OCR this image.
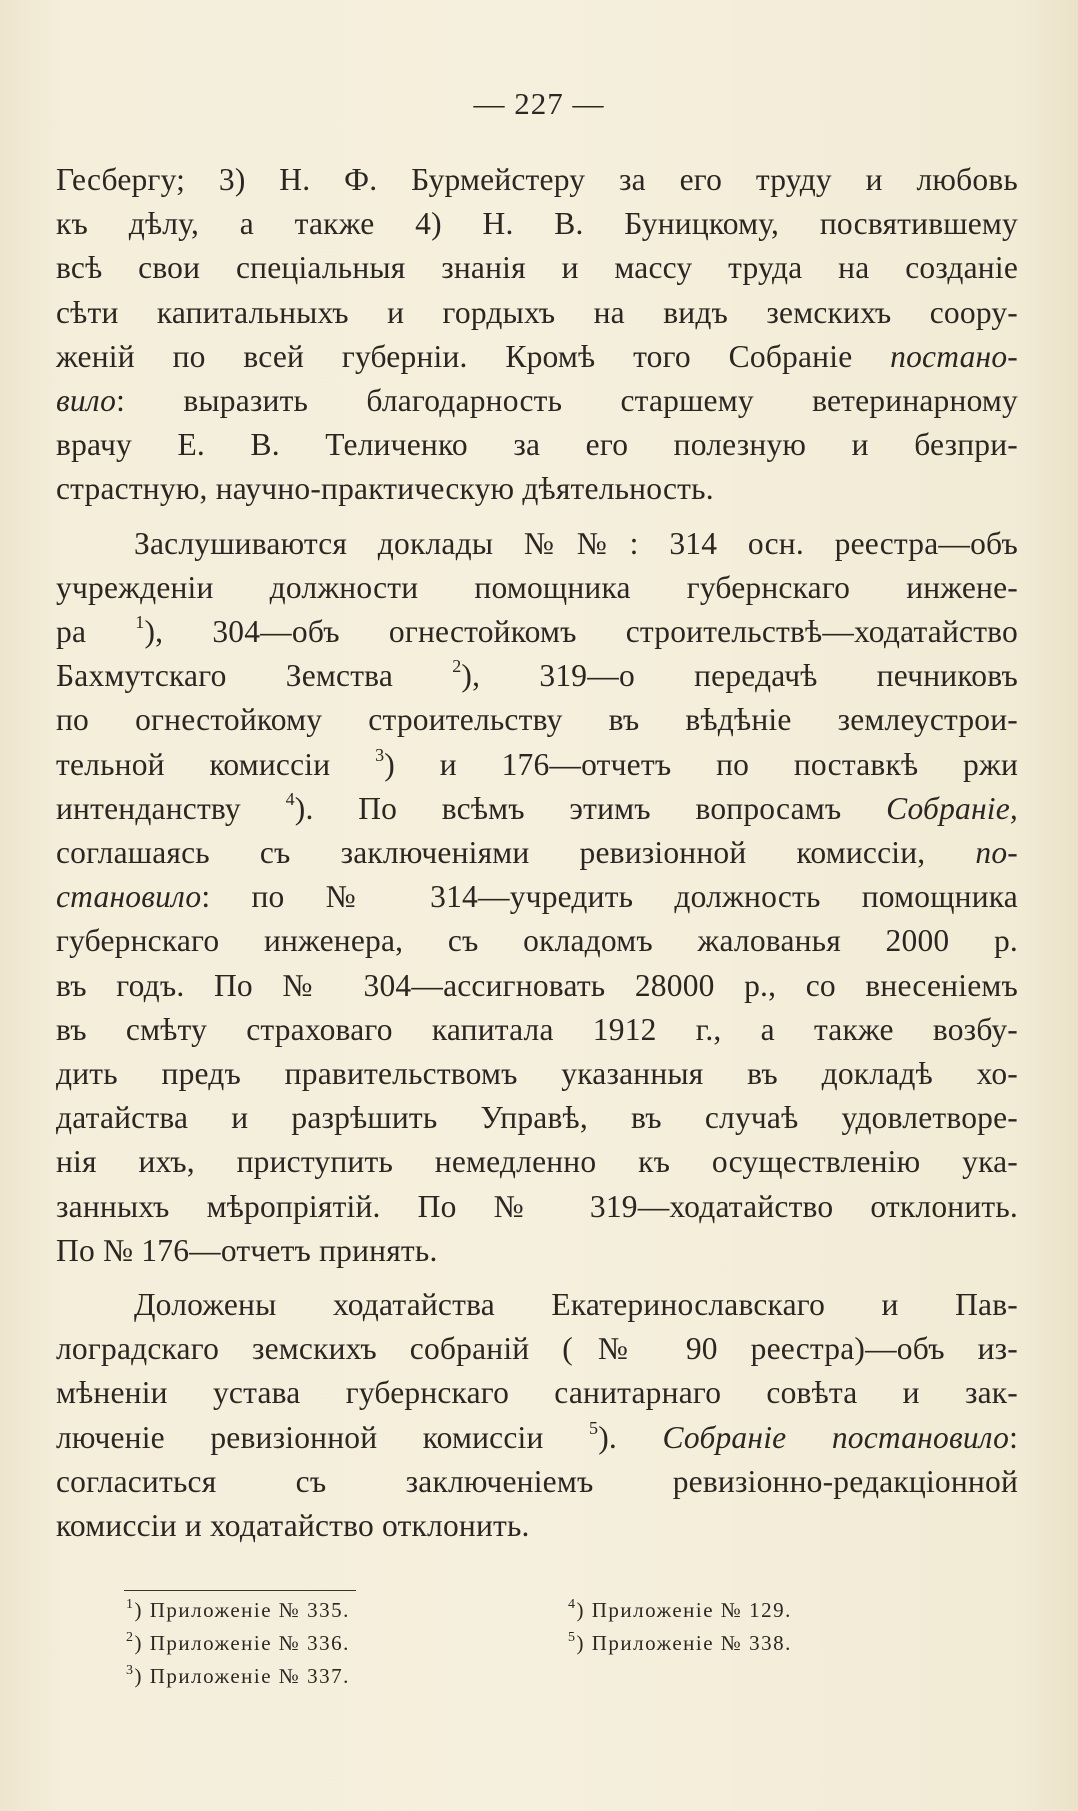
— 227 —
Гесбергу; 3) Н. Ф. Бурмейстеру за его труду и любовь
къ дѣлу, а также 4) Н. В. Буницкому, посвятившему
всѣ свои спеціальныя знанія и массу труда на созданіе
сѣти капитальныхъ и гордыхъ на видъ земскихъ соору-
женій по всей губерніи. Кромѣ того Собраніе постано-
вило: выразить благодарность старшему ветеринарному
врачу Е. В. Теличенко за его полезную и безпри-
страстную, научно-практическую дѣятельность.
Заслушиваются доклады №№: 314 осн. реестра—объ
учрежденіи должности помощника губернскаго инжене-
ра $^1$), 304—объ огнестойкомъ строительствѣ—ходатайство
Бахмутскаго Земства $^2$), 319—о передачѣ печниковъ
по огнестойкому строительству въ вѣдѣніе землеустрои-
тельной комиссіи $^3$) и 176—отчетъ по поставкѣ ржи
интенданству $^4$). По всѣмъ этимъ вопросамъ Собраніе,
соглашаясь съ заключеніями ревизіонной комиссіи, по-
становило: по № 314—учредить должность помощника
губернскаго инженера, съ окладомъ жалованья 2000 р.
въ годъ. По № 304—ассигновать 28000 р., со внесеніемъ
въ смѣту страховаго капитала 1912 г., а также возбу-
дить предъ правительствомъ указанныя въ докладѣ хо-
датайства и разрѣшить Управѣ, въ случаѣ удовлетворе-
нія ихъ, приступить немедленно къ осуществленію ука-
занныхъ мѣропріятій. По № 319—ходатайство отклонить.
По № 176—отчетъ принять.
Доложены ходатайства Екатеринославскаго и Пав-
лоградскаго земскихъ собраній (№ 90 реестра)—объ из-
мѣненіи устава губернскаго санитарнаго совѣта и зак-
люченіе ревизіонной комиссіи $^5$). Собраніе постановило:
согласиться съ заключеніемъ ревизіонно-редакціонной
комиссіи и ходатайство отклонить.
$^1$) Приложеніе № 335.
$^2$) Приложеніе № 336.
$^3$) Приложеніе № 337.
$^4$) Приложеніе № 129.
$^5$) Приложеніе № 338.
